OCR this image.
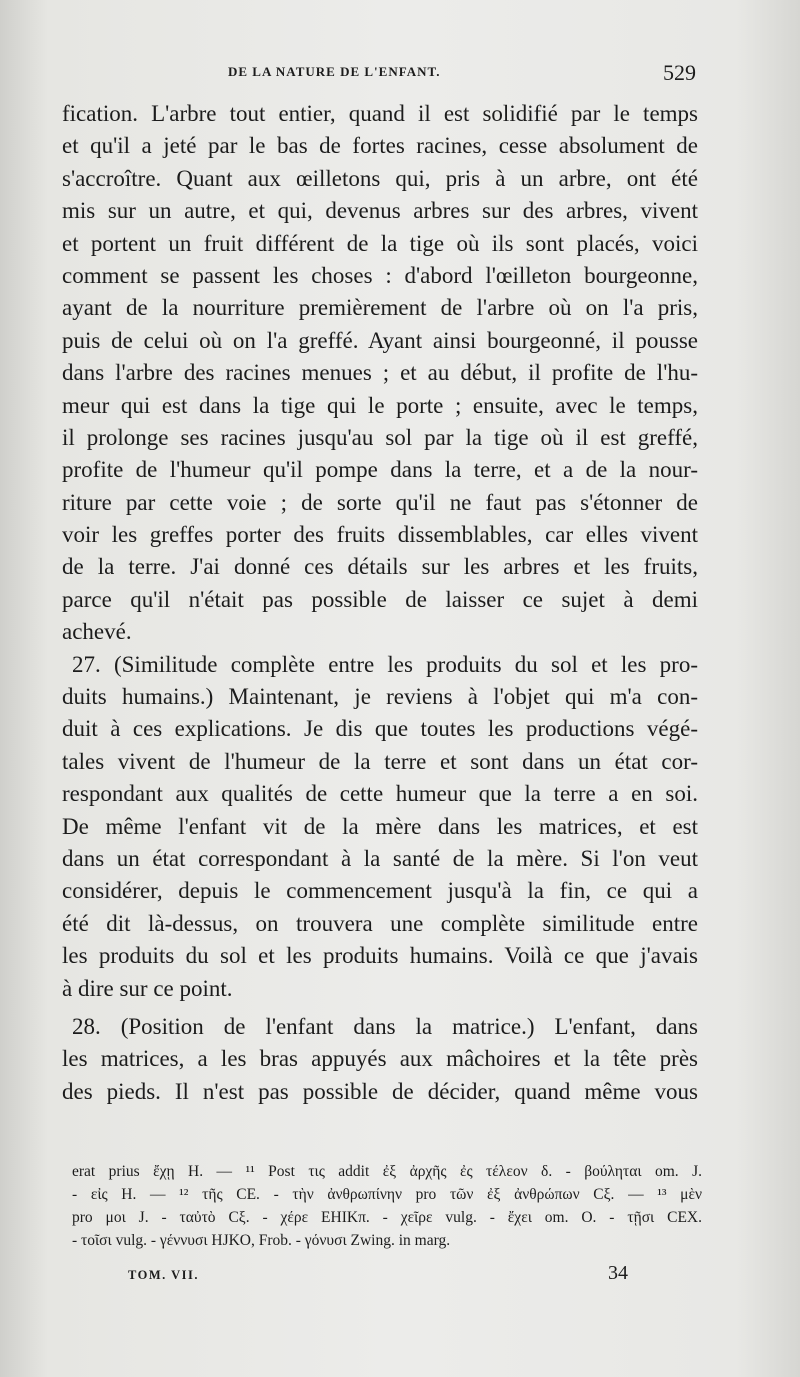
DE LA NATURE DE L'ENFANT.	529
fication. L'arbre tout entier, quand il est solidifié par le temps
et qu'il a jeté par le bas de fortes racines, cesse absolument de
s'accroître. Quant aux œilletons qui, pris à un arbre, ont été
mis sur un autre, et qui, devenus arbres sur des arbres, vivent
et portent un fruit différent de la tige où ils sont placés, voici
comment se passent les choses : d'abord l'œilleton bourgeonne,
ayant de la nourriture premièrement de l'arbre où on l'a pris,
puis de celui où on l'a greffé. Ayant ainsi bourgeonné, il pousse
dans l'arbre des racines menues ; et au début, il profite de l'hu-
meur qui est dans la tige qui le porte ; ensuite, avec le temps,
il prolonge ses racines jusqu'au sol par la tige où il est greffé,
profite de l'humeur qu'il pompe dans la terre, et a de la nour-
riture par cette voie ; de sorte qu'il ne faut pas s'étonner de
voir les greffes porter des fruits dissemblables, car elles vivent
de la terre. J'ai donné ces détails sur les arbres et les fruits,
parce qu'il n'était pas possible de laisser ce sujet à demi
achevé.
27. (Similitude complète entre les produits du sol et les pro-
duits humains.) Maintenant, je reviens à l'objet qui m'a con-
duit à ces explications. Je dis que toutes les productions végé-
tales vivent de l'humeur de la terre et sont dans un état cor-
respondant aux qualités de cette humeur que la terre a en soi.
De même l'enfant vit de la mère dans les matrices, et est
dans un état correspondant à la santé de la mère. Si l'on veut
considérer, depuis le commencement jusqu'à la fin, ce qui a
été dit là-dessus, on trouvera une complète similitude entre
les produits du sol et les produits humains. Voilà ce que j'avais
à dire sur ce point.
28. (Position de l'enfant dans la matrice.) L'enfant, dans
les matrices, a les bras appuyés aux mâchoires et la tête près
des pieds. Il n'est pas possible de décider, quand même vous
erat prius ἔχῃ H. — ¹¹ Post τις addit ἐξ ἀρχῆς ἐς τέλεον δ. - βούληται om. J.
- εἰς H. — ¹² τῆς CE. - τὴν ἀνθρωπίνην pro τῶν ἐξ ἀνθρώπων Cξ. — ¹³ μὲν
pro μοι J. - ταὐτὸ Cξ. - χέρε EHIKπ. - χεῖρε vulg. - ἔχει om. O. - τῇσι CEX.
- τοῖσι vulg. - γέννυσι HJKO, Frob. - γόνυσι Zwing. in marg.
TOM. VII.	34
